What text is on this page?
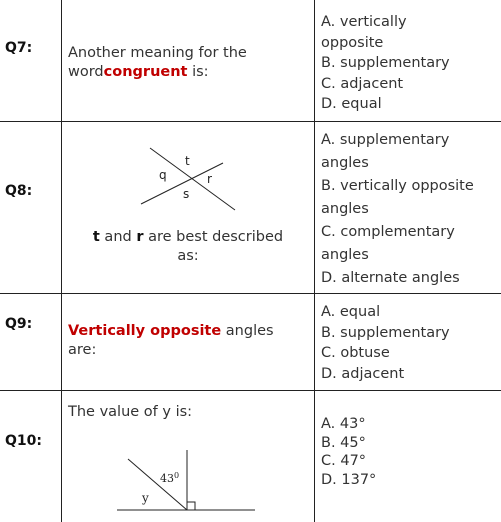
Q7: Another meaning for the wordcongruent is:
A. vertically
opposite
B. supplementary
C. adjacent
D. equal
Q8:
t
q	r
s
t and r are best described
as:
A. supplementary
angles
B. vertically opposite
angles
C. complementary
angles
D. alternate angles
Q9: Vertically opposite angles
are:
A. equal
B. supplementary
C. obtuse
D. adjacent
Q10:
The value of y is:
$43^0$
y
A. 43°
B. 45°
C. 47°
D. 137°
